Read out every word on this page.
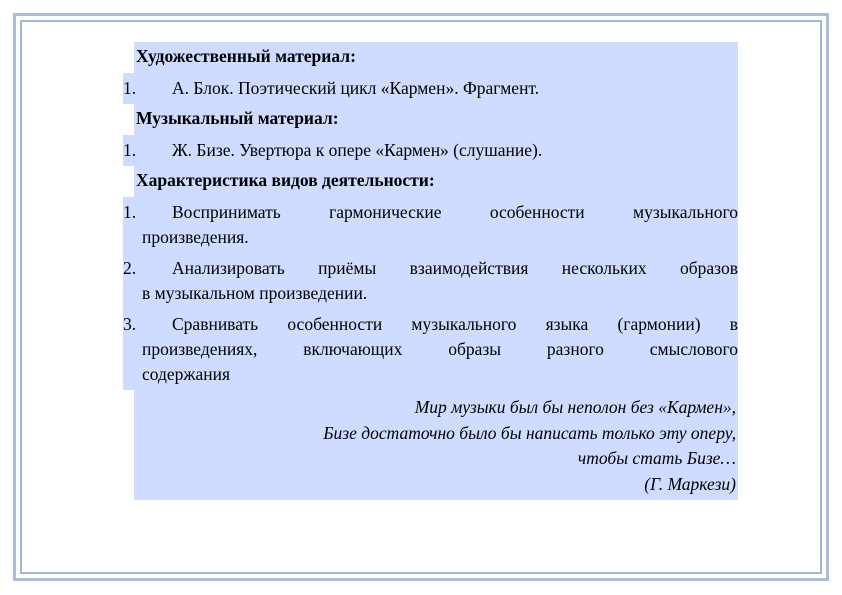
Художественный материал:
1.	А. Блок. Поэтический цикл «Кармен». Фрагмент.
Музыкальный материал:
1.	Ж. Бизе. Увертюра к опере «Кармен» (слушание).
Характеристика видов деятельности:
1.	Воспринимать гармонические особенности музыкального
произведения.
2.	Анализировать приёмы взаимодействия нескольких образов
в музыкальном произведении.
3.	Сравнивать особенности музыкального языка (гармонии) в
произведениях, включающих образы разного смыслового
содержания
Мир музыки был бы неполон без «Кармен»,
Бизе достаточно было бы написать только эту оперу,
чтобы стать Бизе…
(Г. Маркези)
